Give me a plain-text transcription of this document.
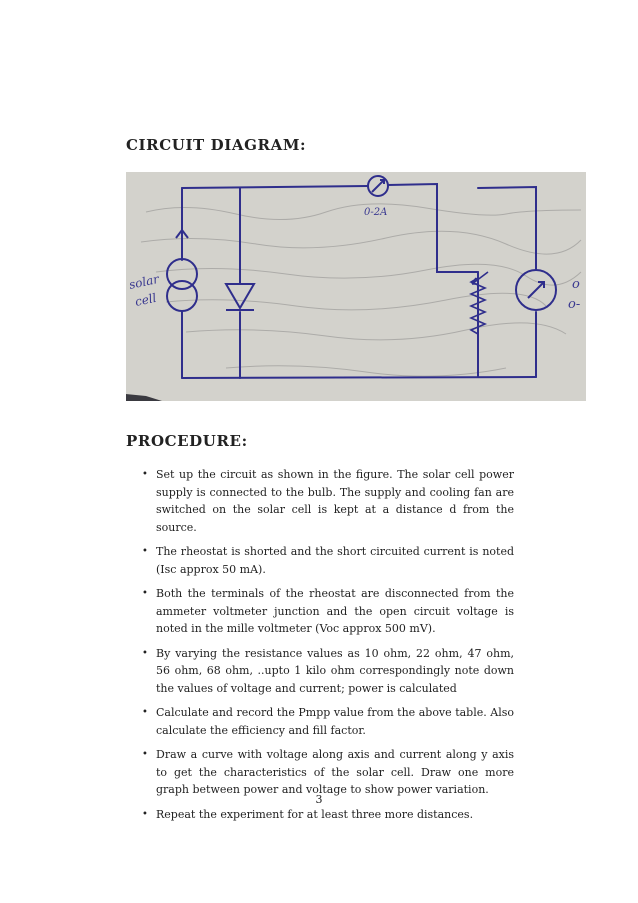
CIRCUIT DIAGRAM:
solar
cell
0-2A
o
o-
PROCEDURE:
• Set up the circuit as shown in the figure. The solar cell power supply is connected to the bulb. The supply and cooling fan are switched on the solar cell is kept at a distance d from the source.
• The rheostat is shorted and the short circuited current is noted (Isc approx 50 mA).
• Both the terminals of the rheostat are disconnected from the ammeter voltmeter junction and the open circuit voltage is noted in the mille voltmeter (Voc approx 500 mV).
• By varying the resistance values as 10 ohm, 22 ohm, 47 ohm, 56 ohm, 68 ohm, ..upto 1 kilo ohm correspondingly note down the values of voltage and current; power is calculated
• Calculate and record the Pmpp value from the above table. Also calculate the efficiency and fill factor.
• Draw a curve with voltage along axis and current along y axis to get the characteristics of the solar cell. Draw one more graph between power and voltage to show power variation.
• Repeat the experiment for at least three more distances.
3
